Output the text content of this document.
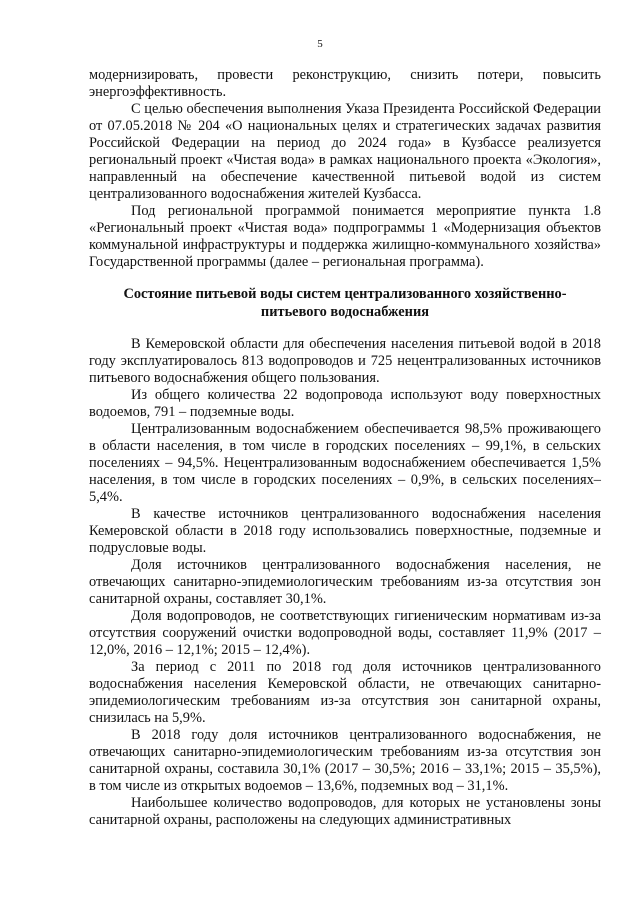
5

модернизировать, провести реконструкцию, снизить потери, повысить энергоэффективность.

С целью обеспечения выполнения Указа Президента Российской Федерации от 07.05.2018 № 204 «О национальных целях и стратегических задачах развития Российской Федерации на период до 2024 года» в Кузбассе реализуется региональный проект «Чистая вода» в рамках национального проекта «Экология», направленный на обеспечение качественной питьевой водой из систем централизованного водоснабжения жителей Кузбасса.

Под региональной программой понимается мероприятие пункта 1.8 «Региональный проект «Чистая вода» подпрограммы 1 «Модернизация объектов коммунальной инфраструктуры и поддержка жилищно-коммунального хозяйства» Государственной программы (далее – региональная программа).

Состояние питьевой воды систем централизованного хозяйственно-
питьевого водоснабжения

В Кемеровской области для обеспечения населения питьевой водой в 2018 году эксплуатировалось 813 водопроводов и 725 нецентрализованных источников питьевого водоснабжения общего пользования.

Из общего количества 22 водопровода используют воду поверхностных водоемов, 791 – подземные воды.

Централизованным водоснабжением обеспечивается 98,5% проживающего в области населения, в том числе в городских поселениях – 99,1%, в сельских поселениях – 94,5%. Нецентрализованным водоснабжением обеспечивается 1,5% населения, в том числе в городских поселениях – 0,9%, в сельских поселениях– 5,4%.

В качестве источников централизованного водоснабжения населения Кемеровской области в 2018 году использовались поверхностные, подземные и подрусловые воды.

Доля источников централизованного водоснабжения населения, не отвечающих санитарно-эпидемиологическим требованиям из-за отсутствия зон санитарной охраны, составляет 30,1%.

Доля водопроводов, не соответствующих гигиеническим нормативам из-за отсутствия сооружений очистки водопроводной воды, составляет 11,9% (2017 – 12,0%, 2016 – 12,1%; 2015 – 12,4%).

За период с 2011 по 2018 год доля источников централизованного водоснабжения населения Кемеровской области, не отвечающих санитарно-эпидемиологическим требованиям из-за отсутствия зон санитарной охраны, снизилась на 5,9%.

В 2018 году доля источников централизованного водоснабжения, не отвечающих санитарно-эпидемиологическим требованиям из-за отсутствия зон санитарной охраны, составила 30,1% (2017 – 30,5%; 2016 – 33,1%; 2015 – 35,5%), в том числе из открытых водоемов – 13,6%, подземных вод – 31,1%.

Наибольшее количество водопроводов, для которых не установлены зоны санитарной охраны, расположены на следующих административных
